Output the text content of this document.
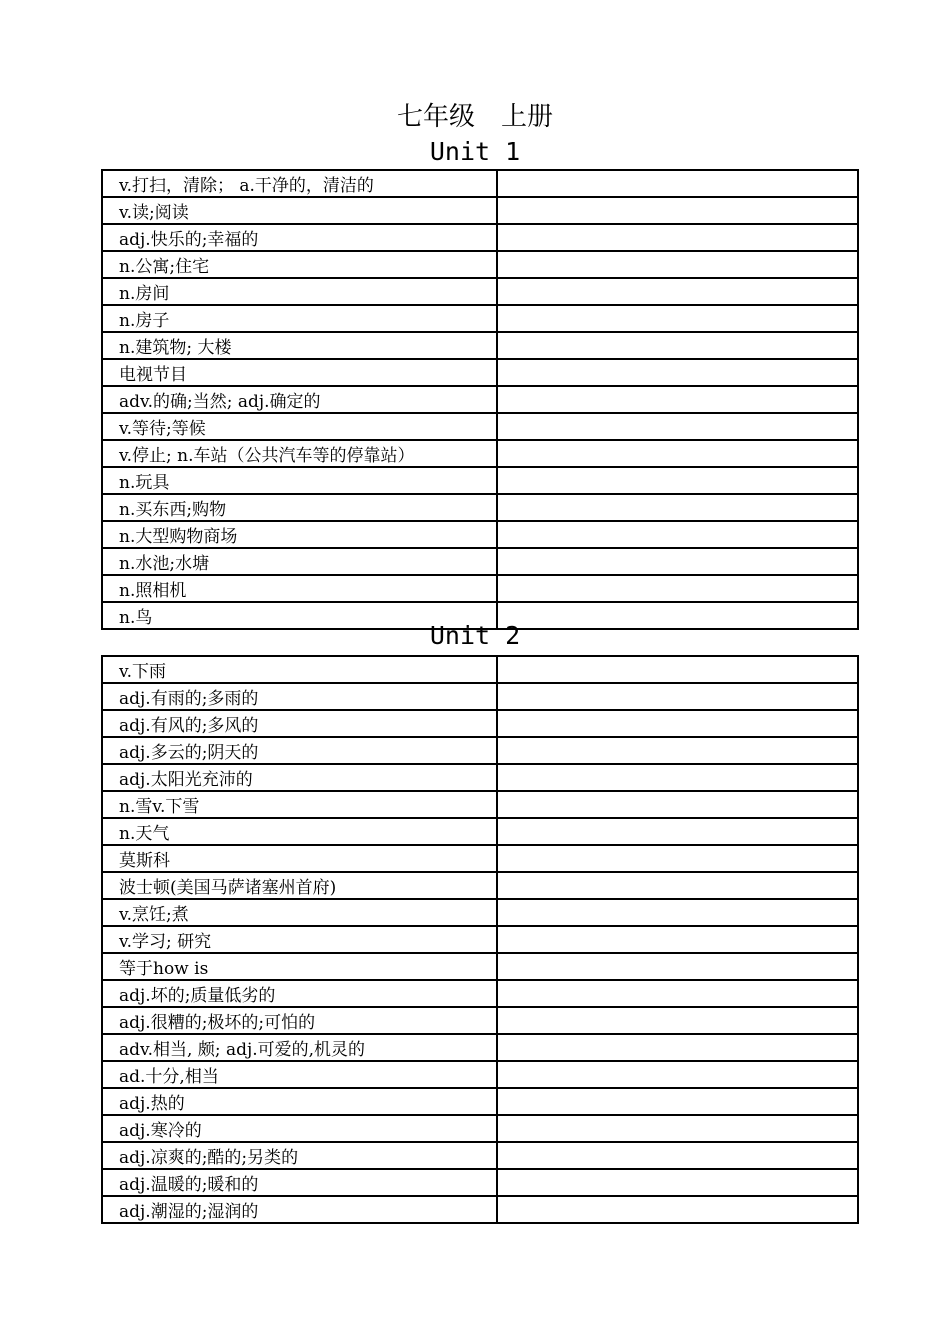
七年级　上册
Unit 1
v.打扫，清除； a.干净的，清洁的	
v.读;阅读	
adj.快乐的;幸福的	
n.公寓;住宅	
n.房间	
n.房子	
n.建筑物; 大楼	
电视节目	
adv.的确;当然; adj.确定的	
v.等待;等候	
v.停止; n.车站（公共汽车等的停靠站）	
n.玩具	
n.买东西;购物	
n.大型购物商场	
n.水池;水塘	
n.照相机	
n.鸟	
Unit 2
v.下雨	
adj.有雨的;多雨的	
adj.有风的;多风的	
adj.多云的;阴天的	
adj.太阳光充沛的	
n.雪v.下雪	
n.天气	
莫斯科	
波士顿(美国马萨诸塞州首府)	
v.烹饪;煮	
v.学习; 研究	
等于how is	
adj.坏的;质量低劣的	
adj.很糟的;极坏的;可怕的	
adv.相当, 颇; adj.可爱的,机灵的	
ad.十分,相当	
adj.热的	
adj.寒冷的	
adj.凉爽的;酷的;另类的	
adj.温暖的;暖和的	
adj.潮湿的;湿润的	
